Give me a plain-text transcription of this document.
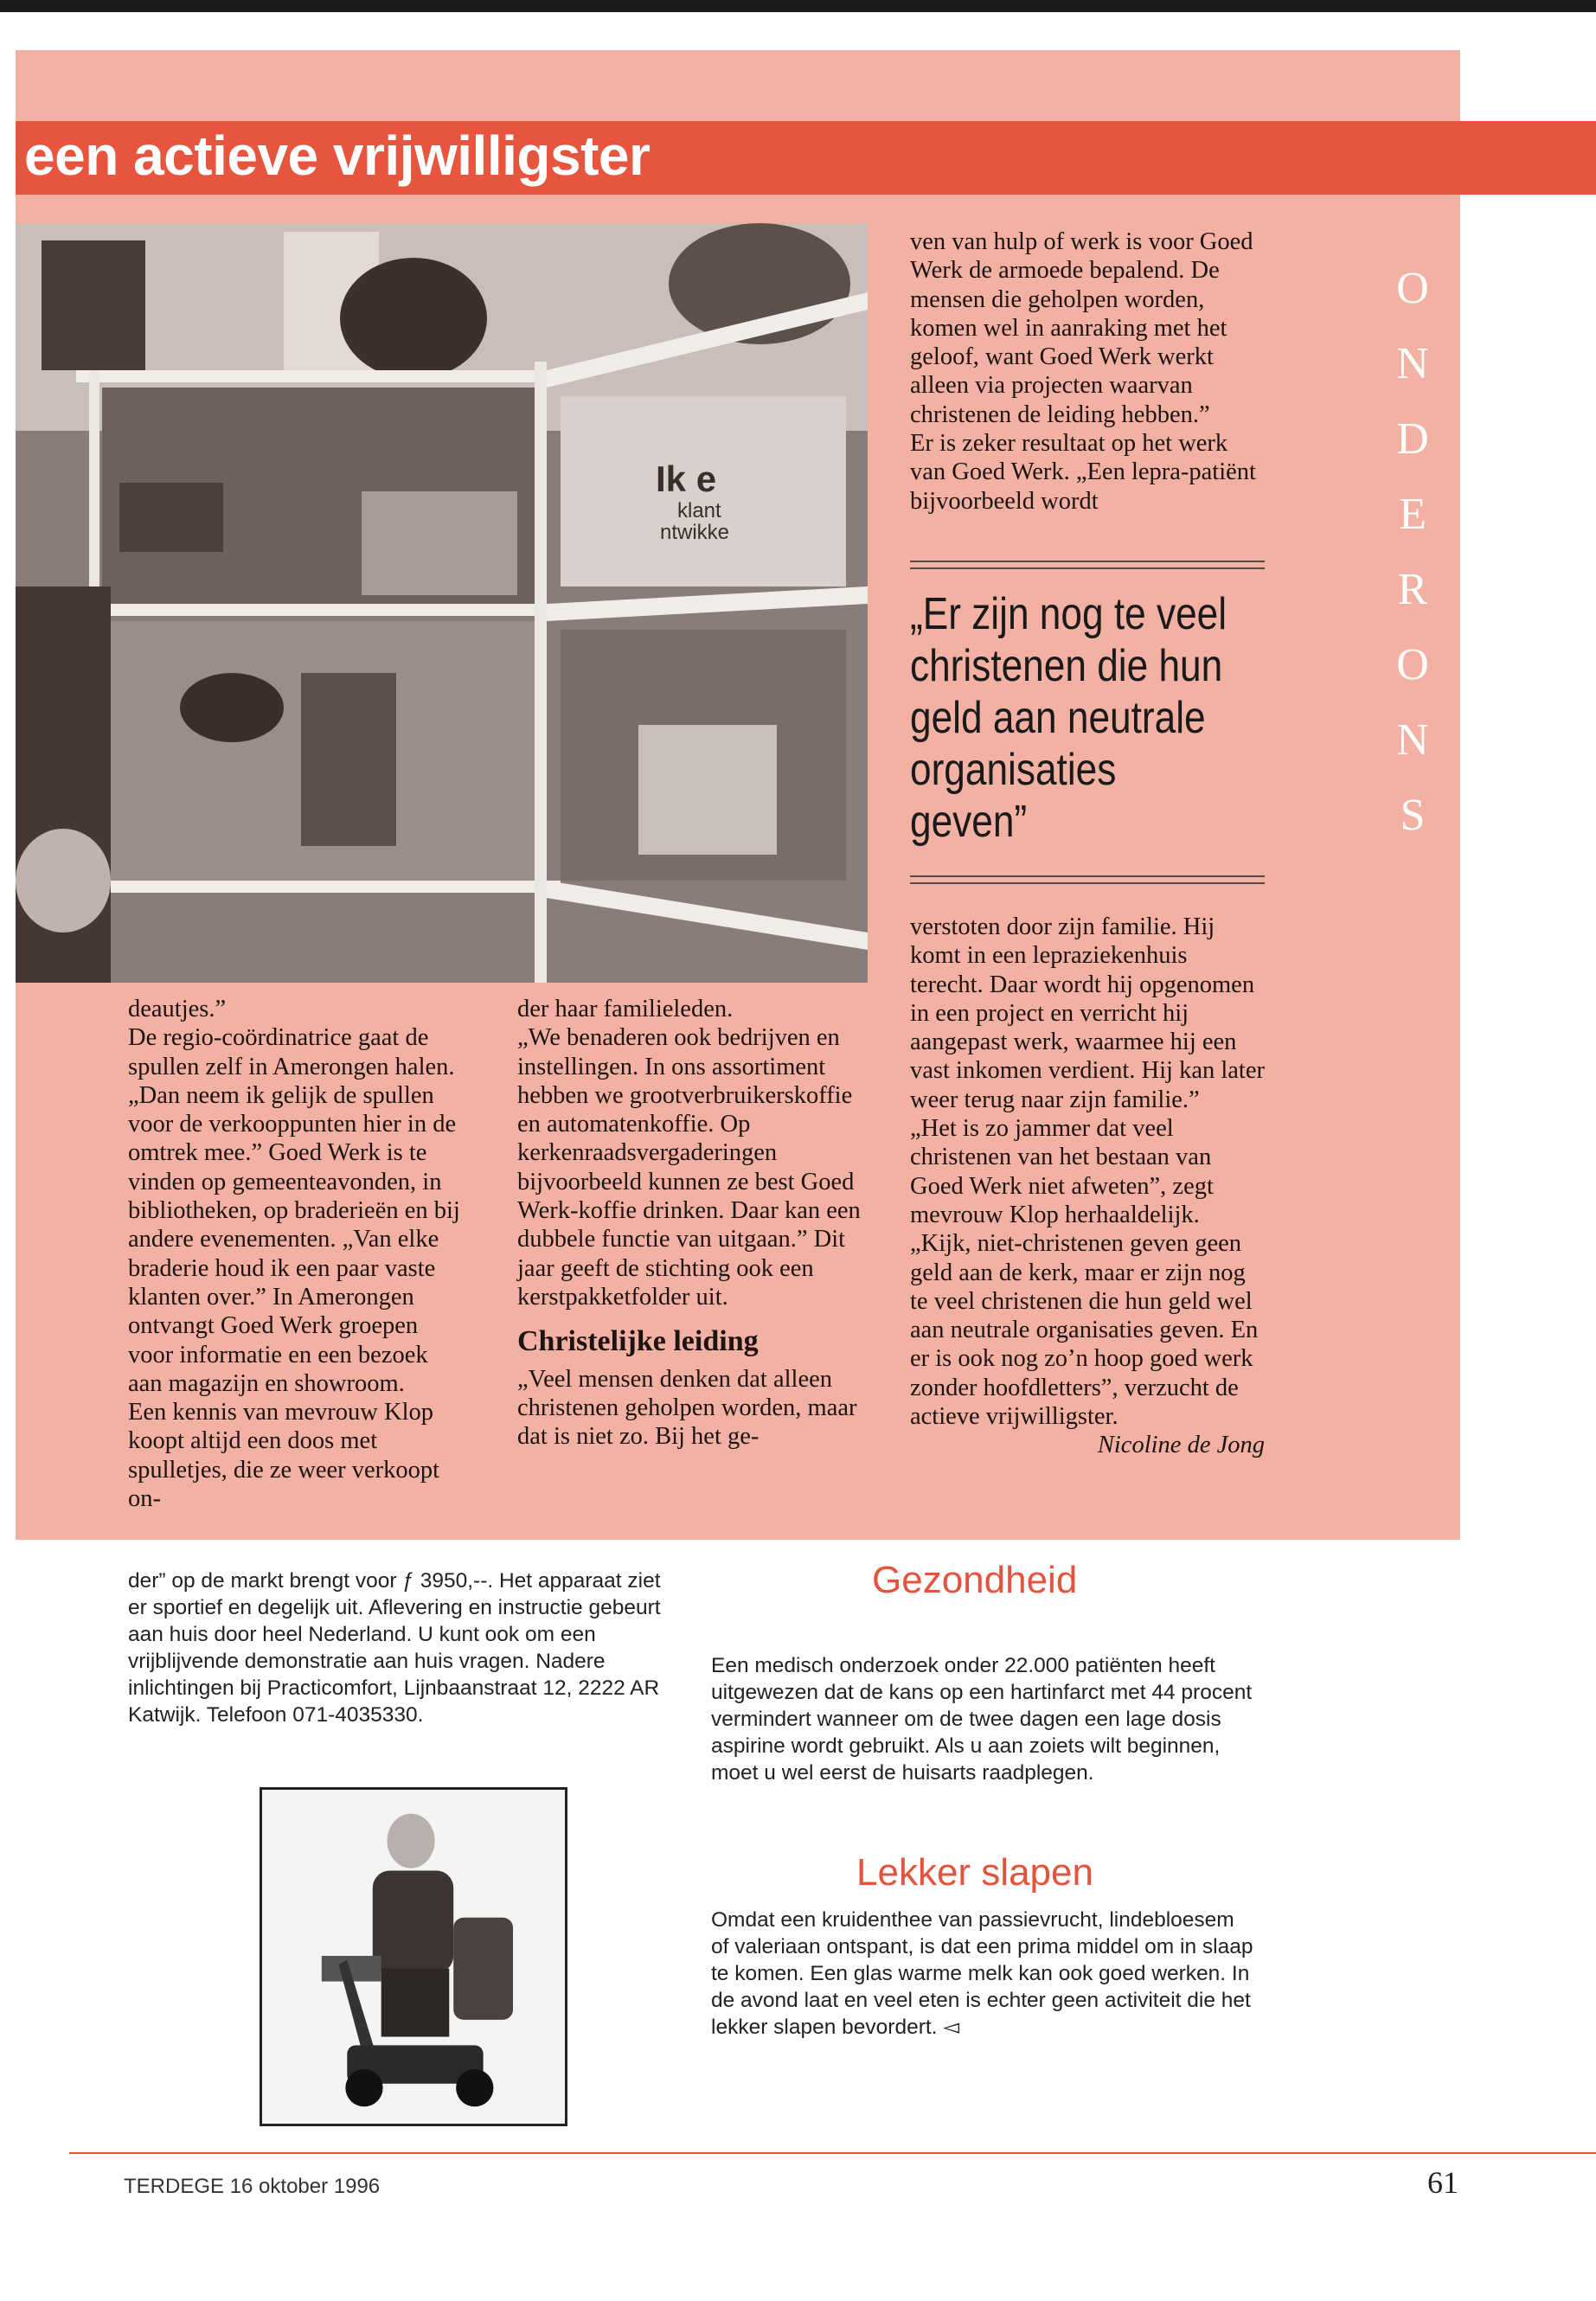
een actieve vrijwilligster
Ik e
klant
ntwikke

deautjes.”

De regio-coördinatrice gaat de spullen zelf in Amerongen halen. „Dan neem ik gelijk de spullen voor de verkooppunten hier in de omtrek mee.” Goed Werk is te vinden op gemeenteavonden, in bibliotheken, op braderieën en bij andere evenementen. „Van elke braderie houd ik een paar vaste klanten over.” In Amerongen ontvangt Goed Werk groepen voor informatie en een bezoek aan magazijn en showroom.

Een kennis van mevrouw Klop koopt altijd een doos met spulletjes, die ze weer verkoopt on-

der haar familieleden.

„We benaderen ook bedrijven en instellingen. In ons assortiment hebben we grootverbruikerskoffie en automatenkoffie. Op kerkenraadsvergaderingen bijvoorbeeld kunnen ze best Goed Werk-koffie drinken. Daar kan een dubbele functie van uitgaan.” Dit jaar geeft de stichting ook een kerstpakketfolder uit.

Christelijke leiding

„Veel mensen denken dat alleen christenen geholpen worden, maar dat is niet zo. Bij het ge-

ven van hulp of werk is voor Goed Werk de armoede bepalend. De mensen die geholpen worden, komen wel in aanraking met het geloof, want Goed Werk werkt alleen via projecten waarvan christenen de leiding hebben.”

Er is zeker resultaat op het werk van Goed Werk. „Een lepra-patiënt bijvoorbeeld wordt

„Er zijn nog te veel christenen die hun geld aan neutrale organisaties geven”

verstoten door zijn familie. Hij komt in een lepraziekenhuis terecht. Daar wordt hij opgenomen in een project en verricht hij aangepast werk, waarmee hij een vast inkomen verdient. Hij kan later weer terug naar zijn familie.”

„Het is zo jammer dat veel christenen van het bestaan van Goed Werk niet afweten”, zegt mevrouw Klop herhaaldelijk. „Kijk, niet-christenen geven geen geld aan de kerk, maar er zijn nog te veel christenen die hun geld wel aan neutrale organisaties geven. En er is ook nog zo’n hoop goed werk zonder hoofdletters”, verzucht de actieve vrijwilligster.

Nicoline de Jong

O
N
D
E
R
O
N
S

der” op de markt brengt voor ƒ 3950,--. Het apparaat ziet er sportief en degelijk uit. Aflevering en instructie gebeurt aan huis door heel Nederland. U kunt ook om een vrijblijvende demonstratie aan huis vragen. Nadere inlichtingen bij Practicomfort, Lijnbaanstraat 12, 2222 AR Katwijk. Telefoon 071-4035330.

Gezondheid

Een medisch onderzoek onder 22.000 patiënten heeft uitgewezen dat de kans op een hartinfarct met 44 procent vermindert wanneer om de twee dagen een lage dosis aspirine wordt gebruikt. Als u aan zoiets wilt beginnen, moet u wel eerst de huisarts raadplegen.

Lekker slapen

Omdat een kruidenthee van passievrucht, lindebloesem of valeriaan ontspant, is dat een prima middel om in slaap te komen. Een glas warme melk kan ook goed werken. In de avond laat en veel eten is echter geen activiteit die het lekker slapen bevordert. ◅

TERDEGE 16 oktober 1996	61
